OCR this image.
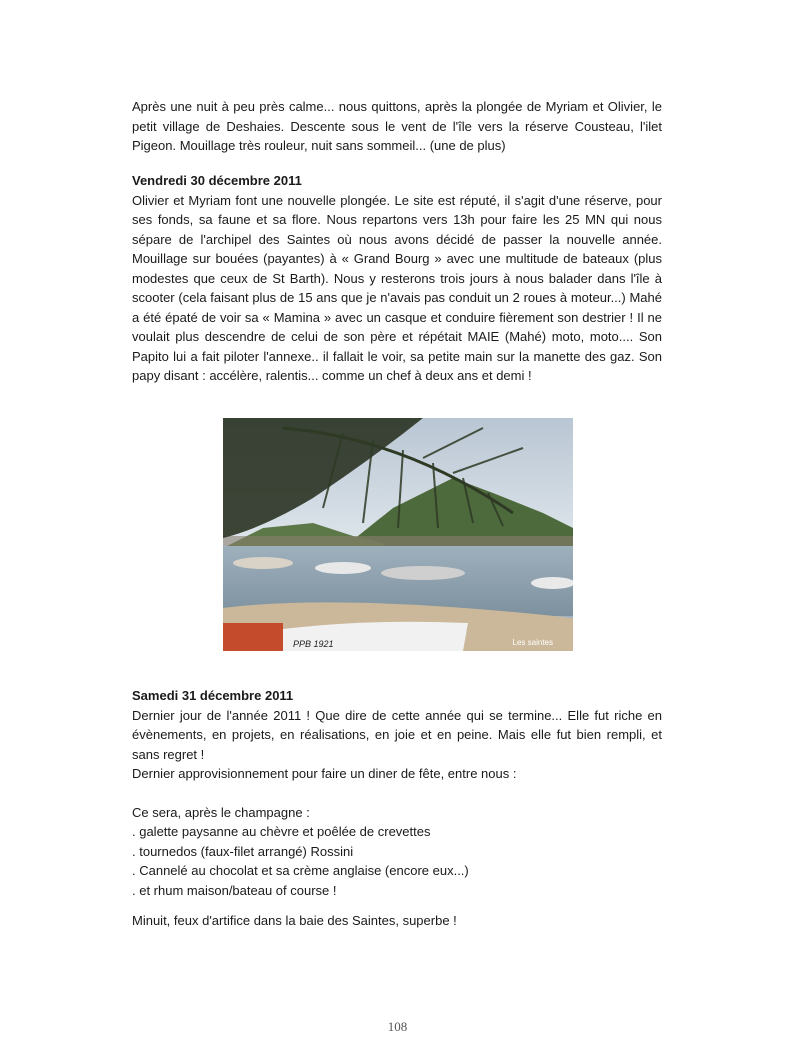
Après une nuit à peu près calme... nous quittons, après la plongée de Myriam et Olivier, le petit village de Deshaies. Descente sous le vent de l'île vers la réserve Cousteau, l'ilet Pigeon. Mouillage très rouleur, nuit sans sommeil... (une de plus)

Vendredi 30 décembre 2011

Olivier et Myriam font une nouvelle plongée. Le site est réputé, il s'agit d'une réserve, pour ses fonds, sa faune et sa flore. Nous repartons vers 13h pour faire les 25 MN qui nous sépare de l'archipel des Saintes où nous avons décidé de passer la nouvelle année. Mouillage sur bouées (payantes) à « Grand Bourg » avec une multitude de bateaux (plus modestes que ceux de St Barth). Nous y resterons trois jours à nous balader dans l'île à scooter (cela faisant plus de 15 ans que je n'avais pas conduit un 2 roues à moteur...) Mahé a été épaté de voir sa « Mamina » avec un casque et conduire fièrement son destrier ! Il ne voulait plus descendre de celui de son père et répétait MAIE (Mahé) moto, moto.... Son Papito lui a fait piloter l'annexe.. il fallait le voir, sa petite main sur la manette des gaz. Son papy disant : accélère, ralentis... comme un chef à deux ans et demi !

PPB 1921	Les saintes

Samedi 31 décembre 2011

Dernier jour de l'année 2011 ! Que dire de cette année qui se termine... Elle fut riche en évènements, en projets, en réalisations, en joie et en peine. Mais elle fut bien rempli, et sans regret !

Dernier approvisionnement pour faire un diner de fête, entre nous :

Ce sera, après le champagne :

. galette paysanne au chèvre et poêlée de crevettes

. tournedos (faux-filet arrangé) Rossini

. Cannelé au chocolat et sa crème anglaise (encore eux...)

. et rhum maison/bateau of course !

Minuit, feux d'artifice dans la baie des Saintes, superbe !

108
